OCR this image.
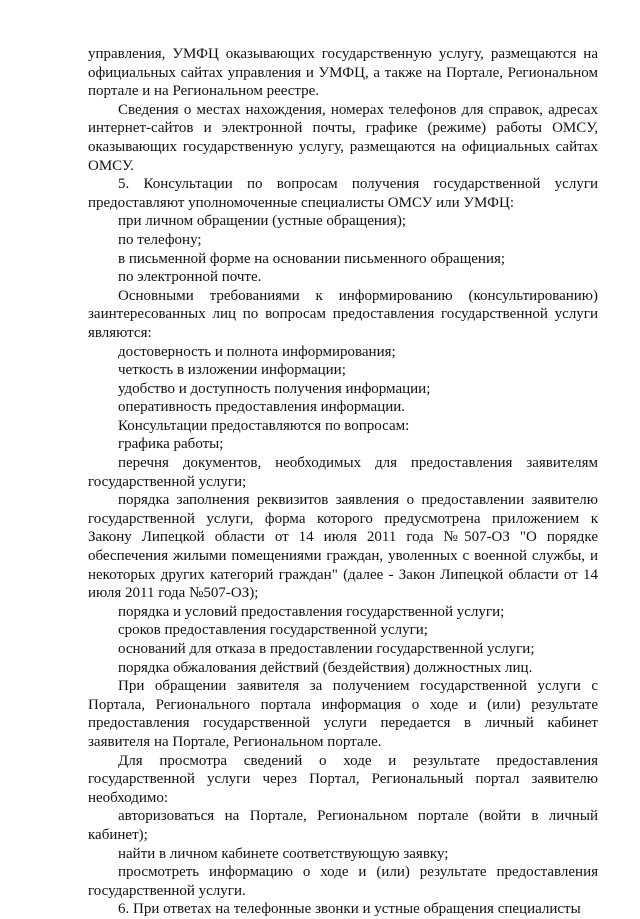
управления, УМФЦ оказывающих государственную услугу, размещаются на официальных сайтах управления и УМФЦ, а также на Портале, Региональном портале и на Региональном реестре.

Сведения о местах нахождения, номерах телефонов для справок, адресах интернет-сайтов и электронной почты, графике (режиме) работы ОМСУ, оказывающих государственную услугу, размещаются на официальных сайтах ОМСУ.

5. Консультации по вопросам получения государственной услуги предоставляют уполномоченные специалисты ОМСУ или УМФЦ:

при личном обращении (устные обращения);

по телефону;

в письменной форме на основании письменного обращения;

по электронной почте.

Основными требованиями к информированию (консультированию) заинтересованных лиц по вопросам предоставления государственной услуги являются:

достоверность и полнота информирования;

четкость в изложении информации;

удобство и доступность получения информации;

оперативность предоставления информации.

Консультации предоставляются по вопросам:

графика работы;

перечня документов, необходимых для предоставления заявителям государственной услуги;

порядка заполнения реквизитов заявления о предоставлении заявителю государственной услуги, форма которого предусмотрена приложением к Закону Липецкой области от 14 июля 2011 года №507-ОЗ "О порядке обеспечения жилыми помещениями граждан, уволенных с военной службы, и некоторых других категорий граждан" (далее - Закон Липецкой области от 14 июля 2011 года №507-ОЗ);

порядка и условий предоставления государственной услуги;

сроков предоставления государственной услуги;

оснований для отказа в предоставлении государственной услуги;

порядка обжалования действий (бездействия) должностных лиц.

При обращении заявителя за получением государственной услуги с Портала, Регионального портала информация о ходе и (или) результате предоставления государственной услуги передается в личный кабинет заявителя на Портале, Региональном портале.

Для просмотра сведений о ходе и результате предоставления государственной услуги через Портал, Региональный портал заявителю необходимо:

авторизоваться на Портале, Региональном портале (войти в личный кабинет);

найти в личном кабинете соответствующую заявку;

просмотреть информацию о ходе и (или) результате предоставления государственной услуги.

6. При ответах на телефонные звонки и устные обращения специалисты
